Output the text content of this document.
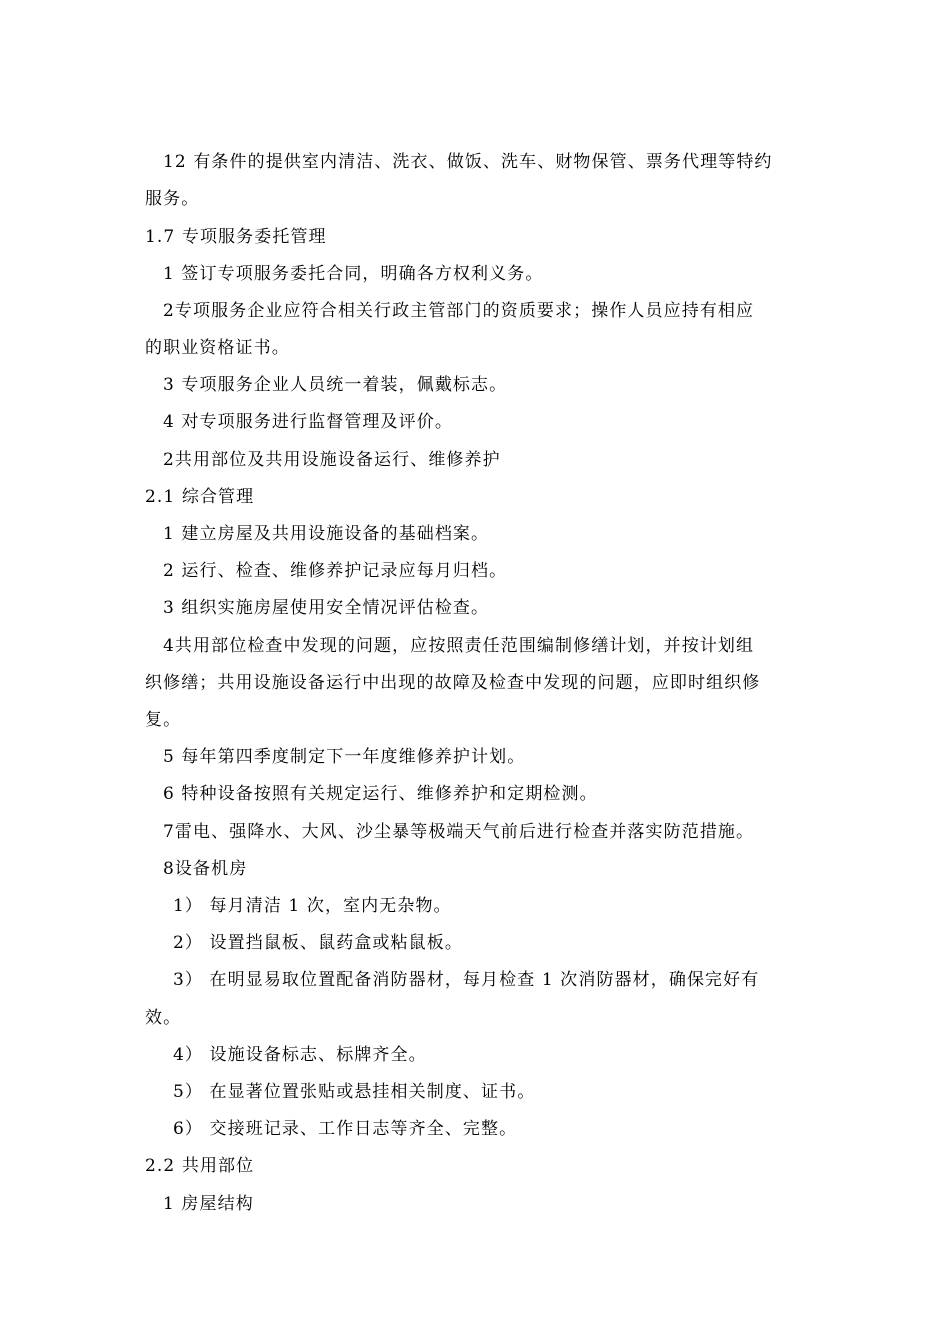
12 有条件的提供室内清洁、洗衣、做饭、洗车、财物保管、票务代理等特约
服务。
1.7 专项服务委托管理
1 签订专项服务委托合同，明确各方权利义务。
2专项服务企业应符合相关行政主管部门的资质要求；操作人员应持有相应
的职业资格证书。
3 专项服务企业人员统一着装，佩戴标志。
4 对专项服务进行监督管理及评价。
2共用部位及共用设施设备运行、维修养护
2.1 综合管理
1 建立房屋及共用设施设备的基础档案。
2 运行、检查、维修养护记录应每月归档。
3 组织实施房屋使用安全情况评估检查。
4共用部位检查中发现的问题，应按照责任范围编制修缮计划，并按计划组
织修缮；共用设施设备运行中出现的故障及检查中发现的问题，应即时组织修
复。
5 每年第四季度制定下一年度维修养护计划。
6 特种设备按照有关规定运行、维修养护和定期检测。
7雷电、强降水、大风、沙尘暴等极端天气前后进行检查并落实防范措施。
8设备机房
1） 每月清洁 1 次，室内无杂物。
2） 设置挡鼠板、鼠药盒或粘鼠板。
3） 在明显易取位置配备消防器材，每月检查 1 次消防器材，确保完好有
效。
4） 设施设备标志、标牌齐全。
5） 在显著位置张贴或悬挂相关制度、证书。
6） 交接班记录、工作日志等齐全、完整。
2.2 共用部位
1 房屋结构
